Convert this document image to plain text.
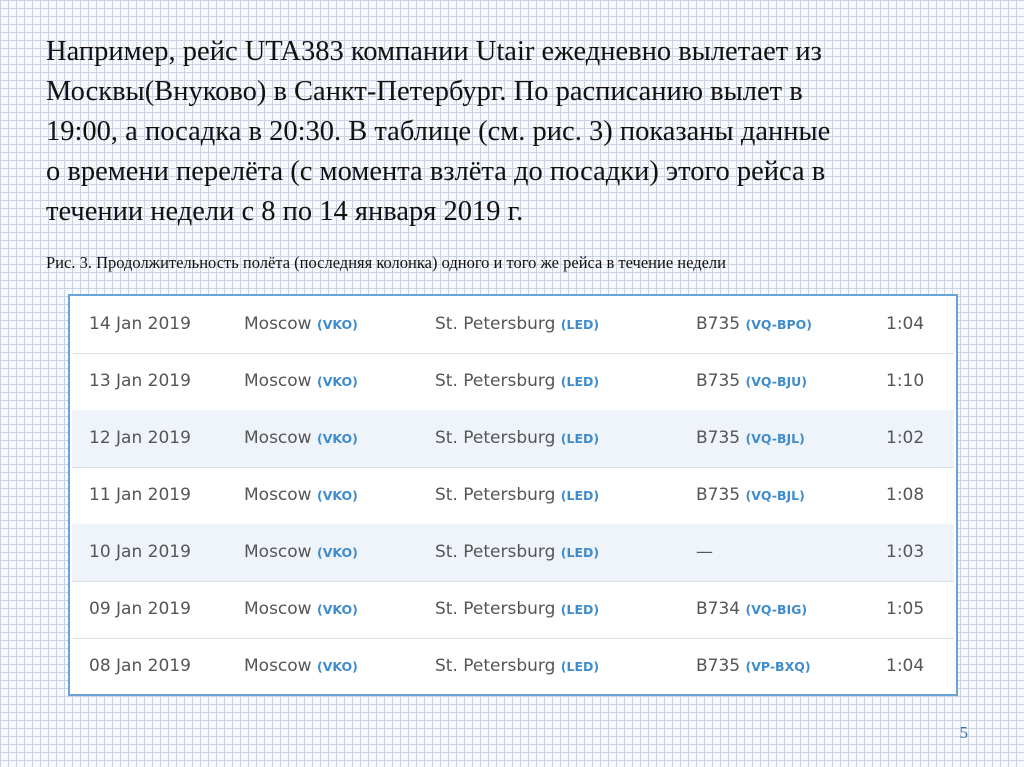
Например, рейс UTA383 компании Utair ежедневно вылетает из
Москвы(Внуково) в Санкт-Петербург. По расписанию вылет в
19:00, а посадка в 20:30. В таблице (см. рис. 3) показаны данные
о времени перелёта (с момента взлёта до посадки) этого рейса в
течении недели с 8 по 14 января 2019 г.
Рис. 3. Продолжительность полёта (последняя колонка) одного и того же рейса в течение недели
14 Jan 2019	Moscow (VKO)	St. Petersburg (LED)	B735 (VQ-BPO)	1:04
13 Jan 2019	Moscow (VKO)	St. Petersburg (LED)	B735 (VQ-BJU)	1:10
12 Jan 2019	Moscow (VKO)	St. Petersburg (LED)	B735 (VQ-BJL)	1:02
11 Jan 2019	Moscow (VKO)	St. Petersburg (LED)	B735 (VQ-BJL)	1:08
10 Jan 2019	Moscow (VKO)	St. Petersburg (LED)	—	1:03
09 Jan 2019	Moscow (VKO)	St. Petersburg (LED)	B734 (VQ-BIG)	1:05
08 Jan 2019	Moscow (VKO)	St. Petersburg (LED)	B735 (VP-BXQ)	1:04
5
